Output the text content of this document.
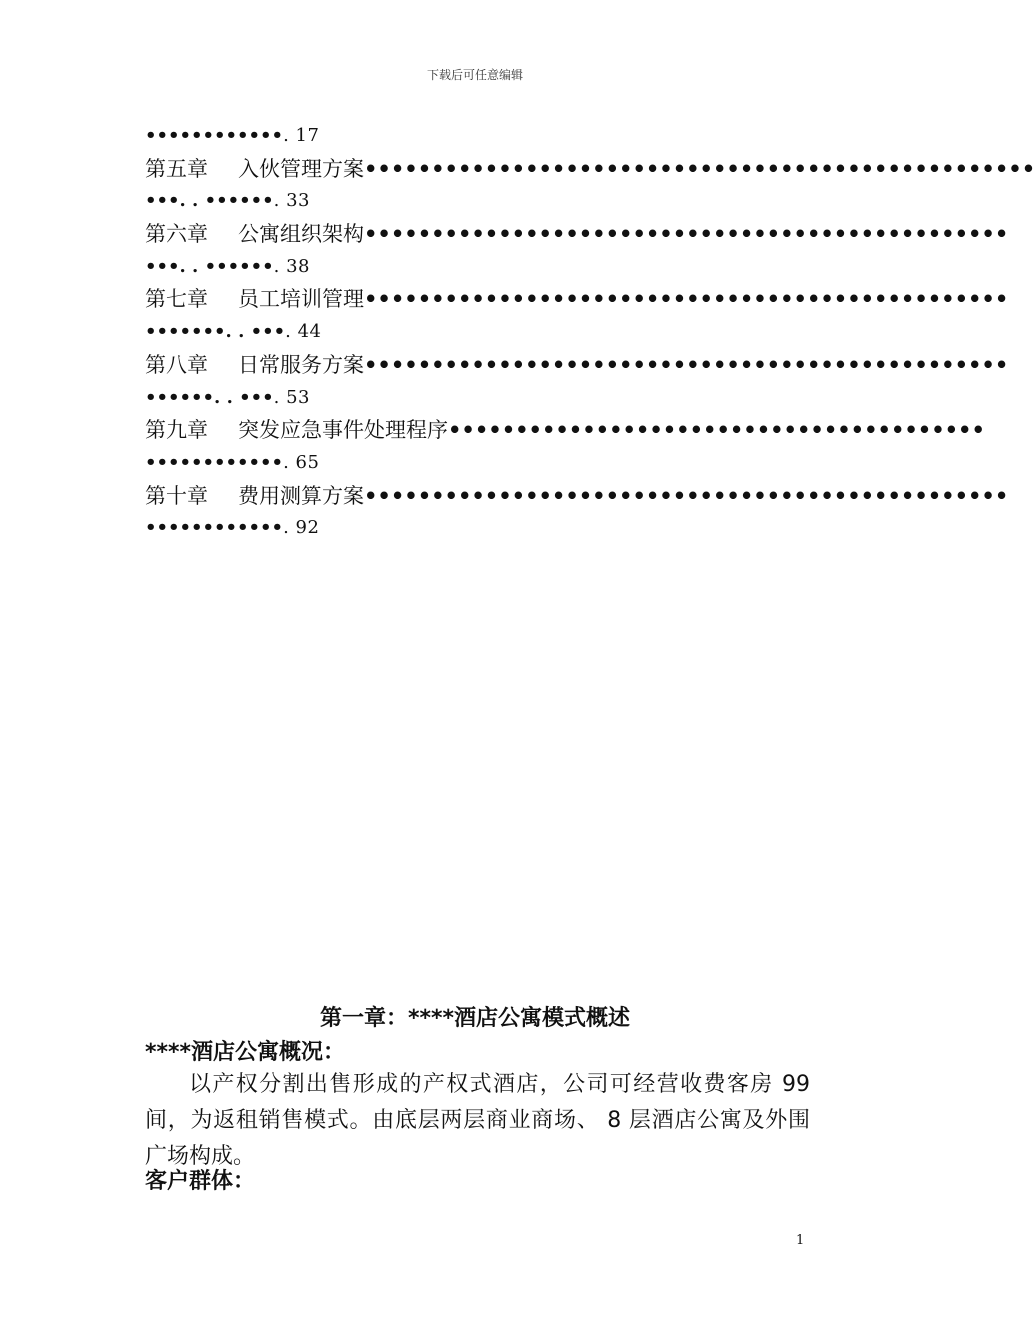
下载后可任意编辑
••••••••••••. 17
第五章 入伙管理方案••••••••••••••••••••••••••••••••••••••••••••••••••
•••. . ••••••. 33
第六章 公寓组织架构••••••••••••••••••••••••••••••••••••••••••••••••
•••. . ••••••. 38
第七章 员工培训管理••••••••••••••••••••••••••••••••••••••••••••••••
•••••••. . •••. 44
第八章 日常服务方案••••••••••••••••••••••••••••••••••••••••••••••••
••••••. . •••. 53
第九章 突发应急事件处理程序••••••••••••••••••••••••••••••••••••••••
••••••••••••. 65
第十章 费用测算方案••••••••••••••••••••••••••••••••••••••••••••••••
••••••••••••. 92
第一章：****酒店公寓模式概述
****酒店公寓概况：
以产权分割出售形成的产权式酒店，公司可经营收费客房 99 间，为返租销售模式。由底层两层商业商场、 8 层酒店公寓及外围广场构成。
客户群体：
1
